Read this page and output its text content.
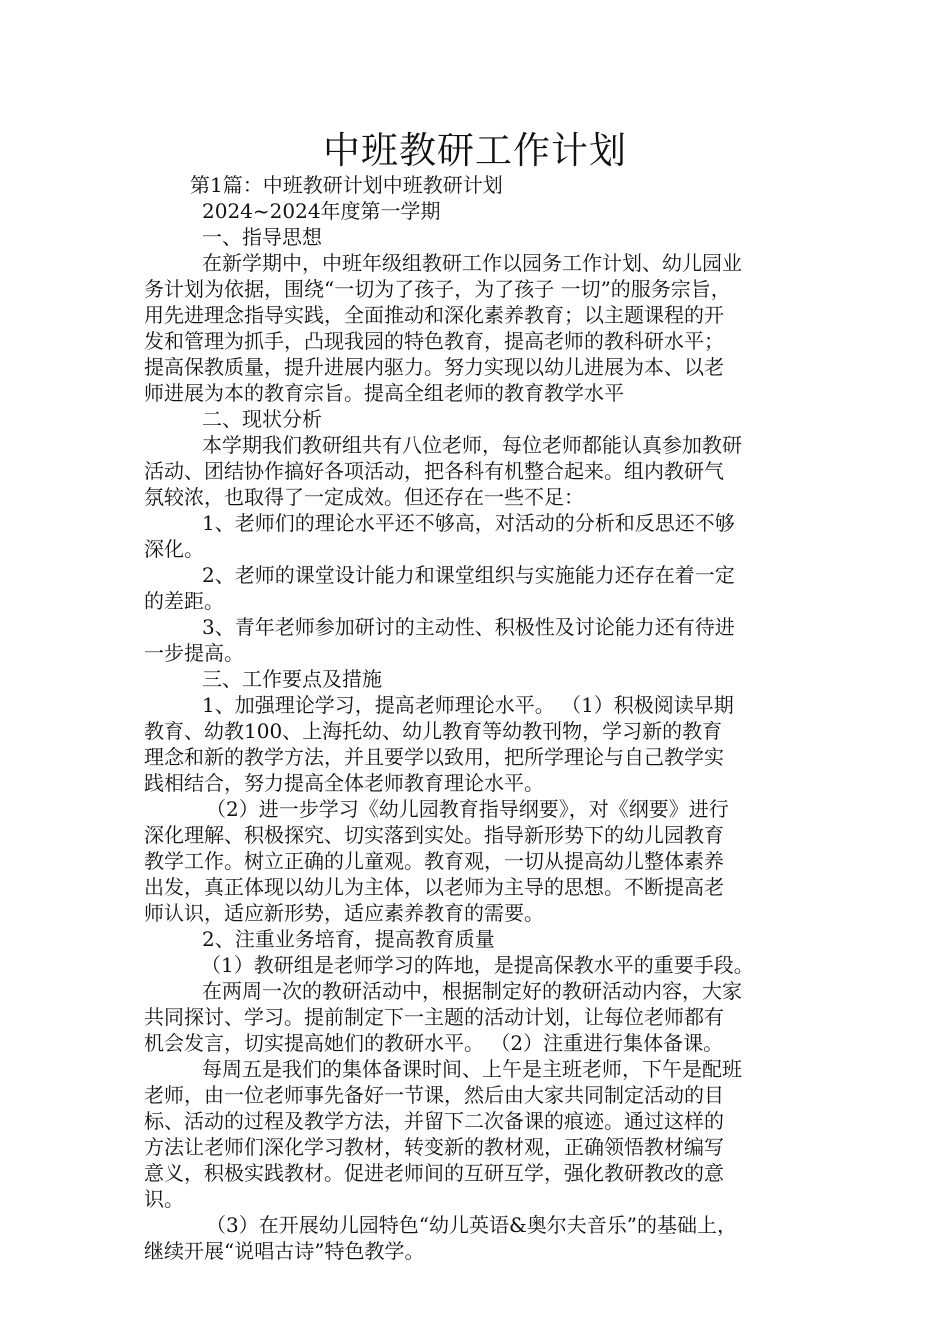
中班教研工作计划
第1篇：中班教研计划中班教研计划
2024~2024年度第一学期
一、指导思想
在新学期中，中班年级组教研工作以园务工作计划、幼儿园业
务计划为依据，围绕“一切为了孩子，为了孩子 一切”的服务宗旨，
用先进理念指导实践，全面推动和深化素养教育；以主题课程的开
发和管理为抓手，凸现我园的特色教育，提高老师的教科研水平；
提高保教质量，提升进展内驱力。努力实现以幼儿进展为本、以老
师进展为本的教育宗旨。提高全组老师的教育教学水平
二、现状分析
本学期我们教研组共有八位老师，每位老师都能认真参加教研
活动、团结协作搞好各项活动，把各科有机整合起来。组内教研气
氛较浓，也取得了一定成效。但还存在一些不足：
1、老师们的理论水平还不够高，对活动的分析和反思还不够
深化。
2、老师的课堂设计能力和课堂组织与实施能力还存在着一定
的差距。
3、青年老师参加研讨的主动性、积极性及讨论能力还有待进
一步提高。
三、工作要点及措施
1、加强理论学习，提高老师理论水平。 （1）积极阅读早期
教育、幼教100、上海托幼、幼儿教育等幼教刊物，学习新的教育
理念和新的教学方法，并且要学以致用，把所学理论与自己教学实
践相结合，努力提高全体老师教育理论水平。
（2）进一步学习《幼儿园教育指导纲要》，对《纲要》进行
深化理解、积极探究、切实落到实处。指导新形势下的幼儿园教育
教学工作。树立正确的儿童观。教育观，一切从提高幼儿整体素养
出发，真正体现以幼儿为主体，以老师为主导的思想。不断提高老
师认识，适应新形势，适应素养教育的需要。
2、注重业务培育，提高教育质量
（1）教研组是老师学习的阵地，是提高保教水平的重要手段。
在两周一次的教研活动中，根据制定好的教研活动内容，大家
共同探讨、学习。提前制定下一主题的活动计划，让每位老师都有
机会发言，切实提高她们的教研水平。 （2）注重进行集体备课。
每周五是我们的集体备课时间、上午是主班老师，下午是配班
老师，由一位老师事先备好一节课，然后由大家共同制定活动的目
标、活动的过程及教学方法，并留下二次备课的痕迹。通过这样的
方法让老师们深化学习教材，转变新的教材观，正确领悟教材编写
意义，积极实践教材。促进老师间的互研互学，强化教研教改的意
识。
（3）在开展幼儿园特色“幼儿英语&奥尔夫音乐”的基础上，
继续开展“说唱古诗”特色教学。
